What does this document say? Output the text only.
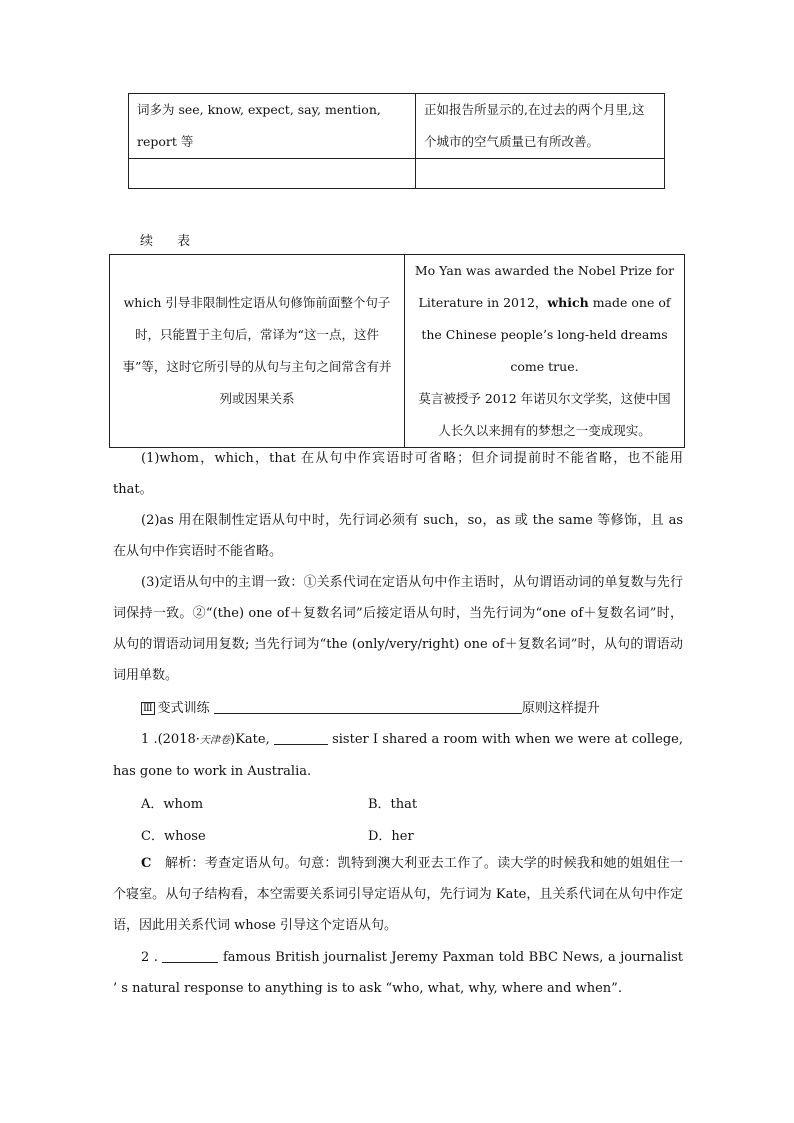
词多为 see, know, expect, say, mention, report 等	正如报告所显示的,在过去的两个月里,这个城市的空气质量已有所改善。

续 表
which 引导非限制性定语从句修饰前面整个句子时，只能置于主句后，常译为“这一点，这件事”等，这时它所引导的从句与主句之间常含有并列或因果关系	Mo Yan was awarded the Nobel Prize for Literature in 2012，which made one of the Chinese people’s long-held dreams come true.
莫言被授予 2012 年诺贝尔文学奖，这使中国人长久以来拥有的梦想之一变成现实。
(1)whom，which，that 在从句中作宾语时可省略；但介词提前时不能省略，也不能用 that。
(2)as 用在限制性定语从句中时，先行词必须有 such，so，as 或 the same 等修饰，且 as 在从句中作宾语时不能省略。
(3)定语从句中的主谓一致：①关系代词在定语从句中作主语时，从句谓语动词的单复数与先行词保持一致。②“(the) one of＋复数名词”后接定语从句时，当先行词为“one of＋复数名词”时，从句的谓语动词用复数; 当先行词为“the (only/very/right) one of＋复数名词”时，从句的谓语动词用单数。
Ⅲ 变式训练	原则这样提升
1 .(2018·天津卷)Kate,	sister I shared a room with when we were at college, has gone to work in Australia.
A．whom	B．that
C．whose	D．her
C　 解析：考查定语从句。句意：凯特到澳大利亚去工作了。读大学的时候我和她的姐姐住一个寝室。从句子结构看，本空需要关系词引导定语从句，先行词为 Kate，且关系代词在从句中作定语，因此用关系代词 whose 引导这个定语从句。
2 .	famous British journalist Jeremy Paxman told BBC News, a journalist ’ s natural response to anything is to ask “who, what, why, where and when”.
